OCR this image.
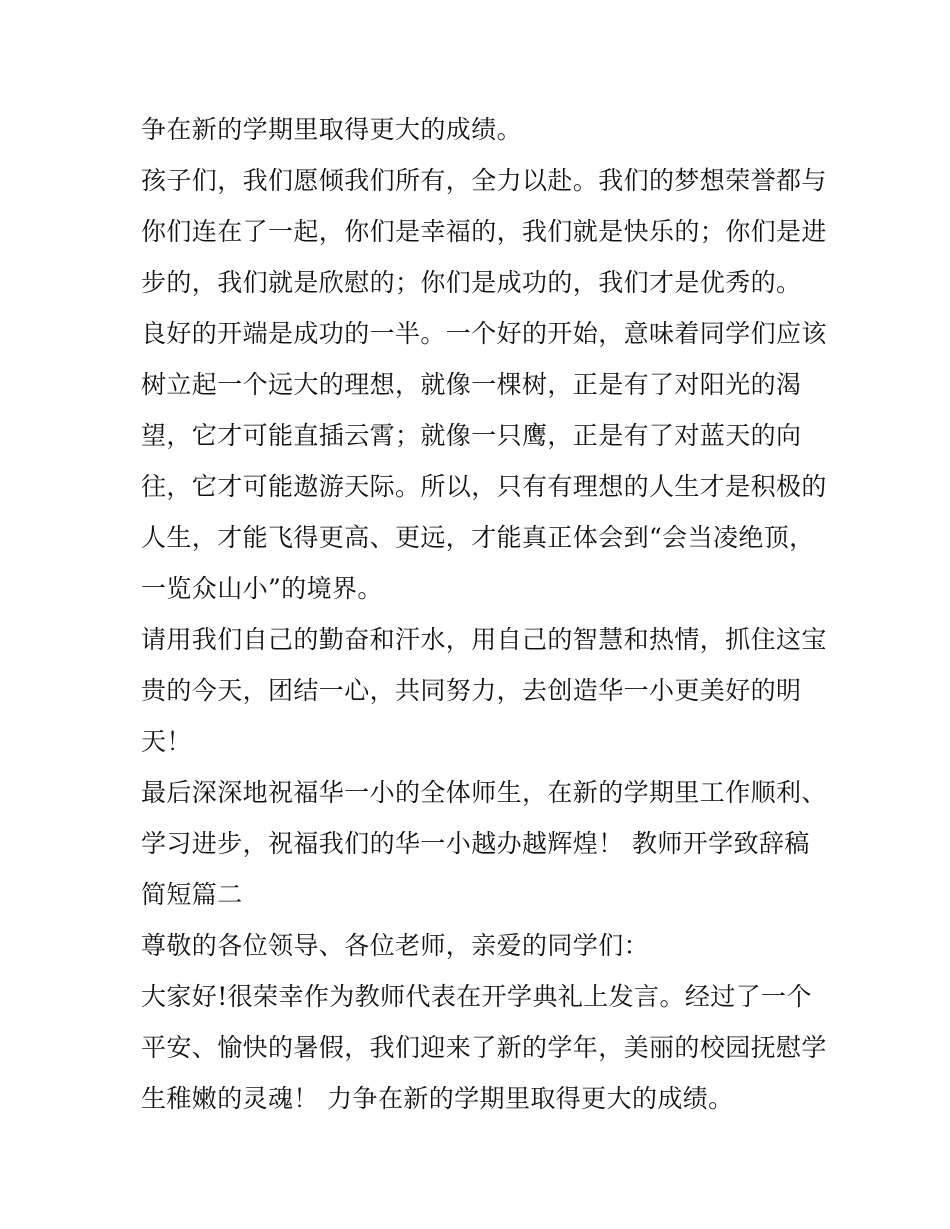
争在新的学期里取得更大的成绩。
孩子们，我们愿倾我们所有，全力以赴。我们的梦想荣誉都与
你们连在了一起，你们是幸福的，我们就是快乐的；你们是进
步的，我们就是欣慰的；你们是成功的，我们才是优秀的。
良好的开端是成功的一半。一个好的开始，意味着同学们应该
树立起一个远大的理想，就像一棵树，正是有了对阳光的渴
望，它才可能直插云霄；就像一只鹰，正是有了对蓝天的向
往，它才可能遨游天际。所以，只有有理想的人生才是积极的
人生，才能飞得更高、更远，才能真正体会到“会当凌绝顶，
一览众山小”的境界。
请用我们自己的勤奋和汗水，用自己的智慧和热情，抓住这宝
贵的今天，团结一心，共同努力，去创造华一小更美好的明
天！
最后深深地祝福华一小的全体师生，在新的学期里工作顺利、
学习进步，祝福我们的华一小越办越辉煌！ 教师开学致辞稿
简短篇二
尊敬的各位领导、各位老师，亲爱的同学们：
大家好!很荣幸作为教师代表在开学典礼上发言。经过了一个
平安、愉快的暑假，我们迎来了新的学年，美丽的校园抚慰学
生稚嫩的灵魂！ 力争在新的学期里取得更大的成绩。
